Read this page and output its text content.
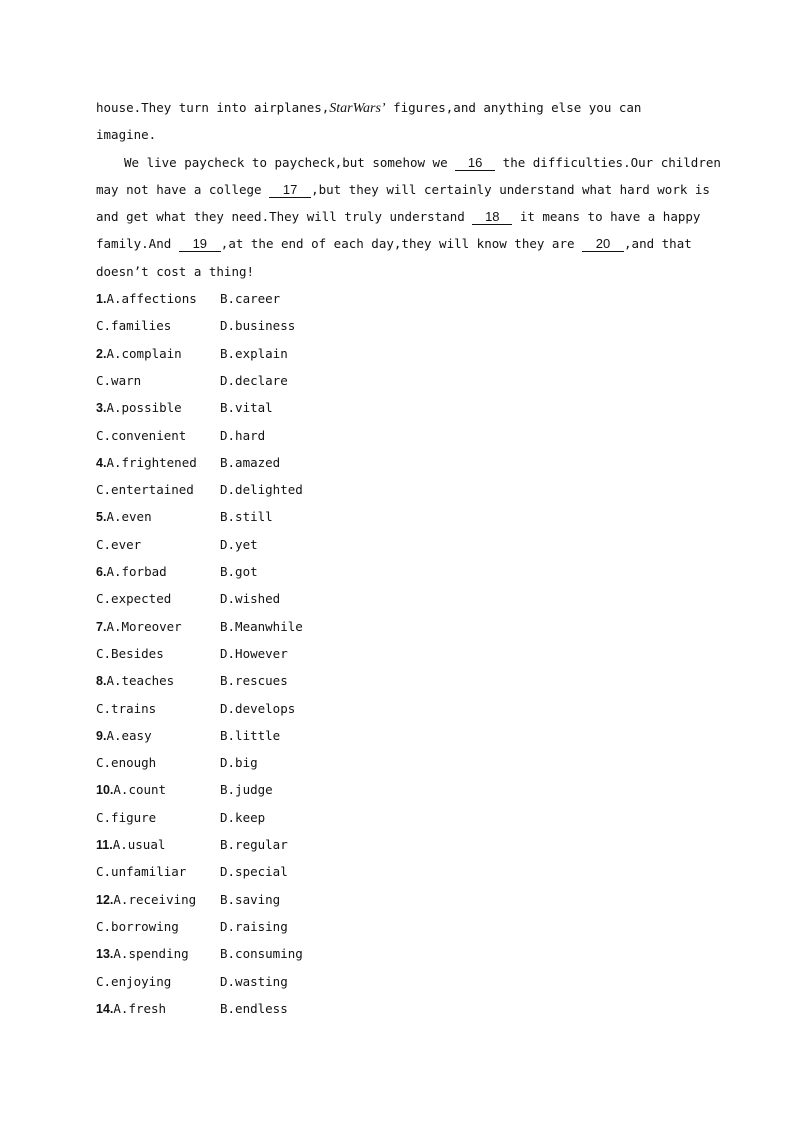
house.They turn into airplanes,StarWars’ figures,and anything else you can
imagine.
We live paycheck to paycheck,but somehow we 16 the difficulties.Our children
may not have a college 17 ,but they will certainly understand what hard work is
and get what they need.They will truly understand 18 it means to have a happy
family.And 19 ,at the end of each day,they will know they are 20 ,and that
doesn’t cost a thing!
1.A.affections B.career
C.families	D.business
2.A.complain	B.explain
C.warn	D.declare
3.A.possible	B.vital
C.convenient	D.hard
4.A.frightened B.amazed
C.entertained D.delighted
5.A.even	B.still
C.ever	D.yet
6.A.forbad	B.got
C.expected	D.wished
7.A.Moreover	B.Meanwhile
C.Besides	D.However
8.A.teaches	B.rescues
C.trains	D.develops
9.A.easy	B.little
C.enough	D.big
10.A.count	B.judge
C.figure	D.keep
11.A.usual	B.regular
C.unfamiliar	D.special
12.A.receiving B.saving
C.borrowing	D.raising
13.A.spending	B.consuming
C.enjoying	D.wasting
14.A.fresh	B.endless
